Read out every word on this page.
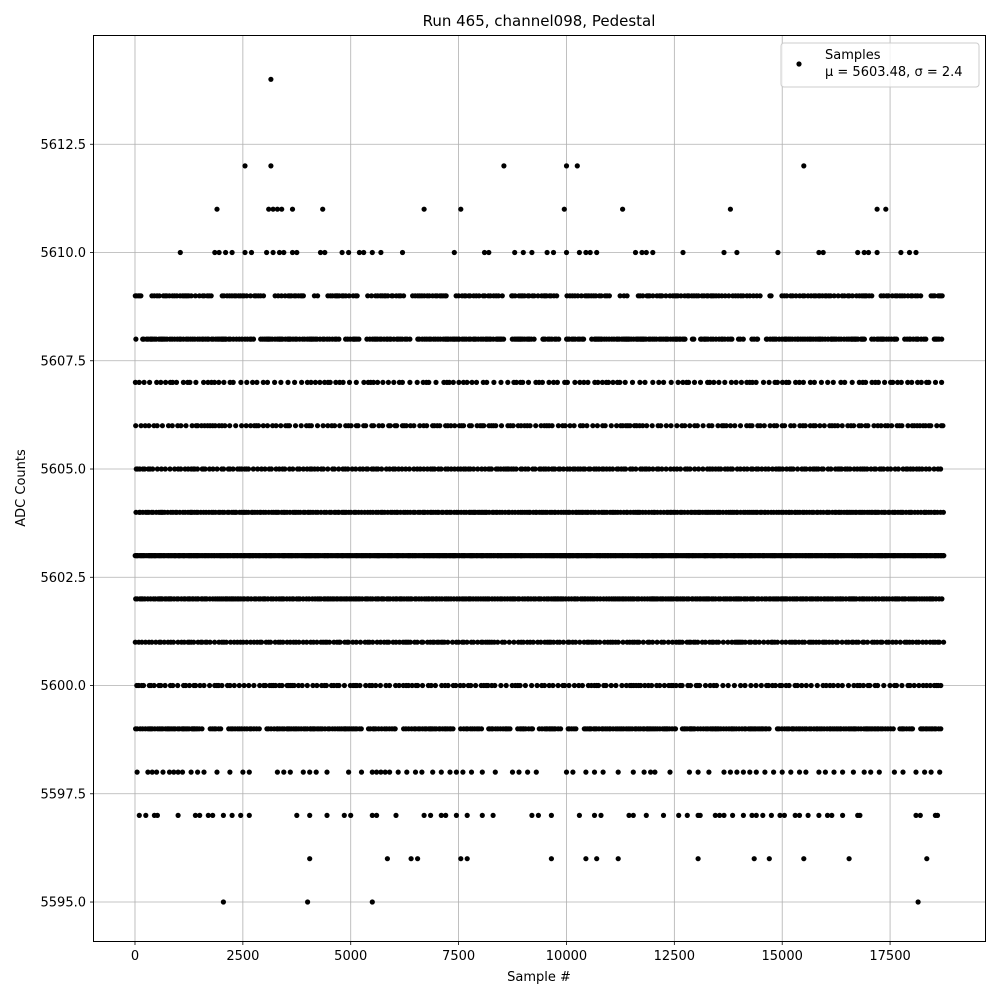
0	2500	5000	7500	10000	12500	15000	17500
5595.0
5597.5
5600.0
5602.5
5605.0
5607.5
5610.0
5612.5
Run 465, channel098, Pedestal
Sample #
ADC Counts
Samples
μ = 5603.48, σ = 2.4
